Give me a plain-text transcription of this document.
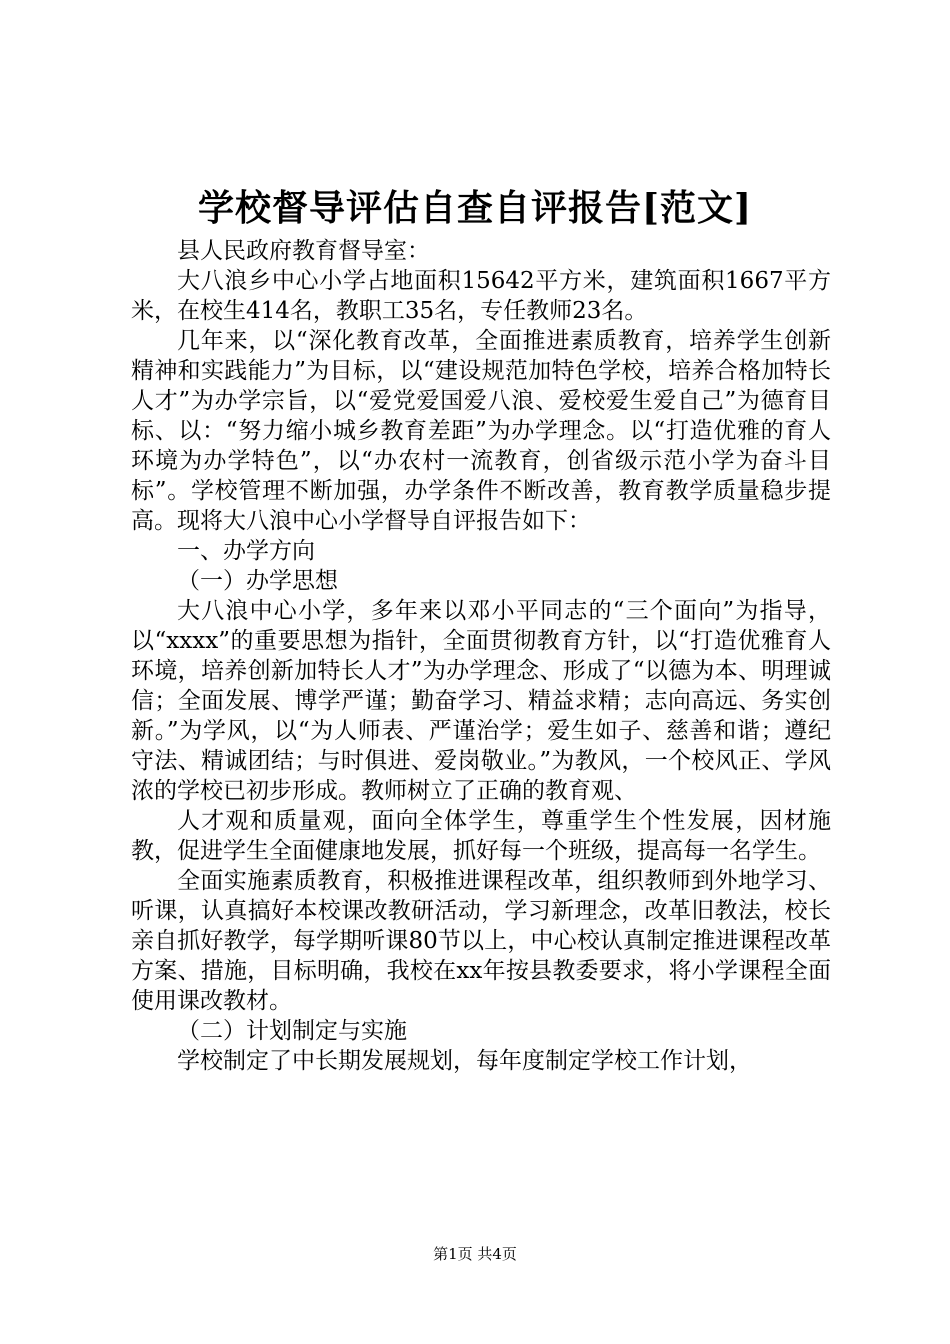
学校督导评估自查自评报告[范文]

县人民政府教育督导室：

大八浪乡中心小学占地面积15642平方米，建筑面积1667平方米，在校生414名，教职工35名，专任教师23名。

几年来，以“深化教育改革，全面推进素质教育，培养学生创新精神和实践能力”为目标，以“建设规范加特色学校，培养合格加特长人才”为办学宗旨，以“爱党爱国爱八浪、爱校爱生爱自己”为德育目标、以：“努力缩小城乡教育差距”为办学理念。以“打造优雅的育人环境为办学特色”，以“办农村一流教育，创省级示范小学为奋斗目标”。学校管理不断加强，办学条件不断改善，教育教学质量稳步提高。现将大八浪中心小学督导自评报告如下：

一、办学方向

（一）办学思想

大八浪中心小学，多年来以邓小平同志的“三个面向”为指导，以“xxxx”的重要思想为指针，全面贯彻教育方针，以“打造优雅育人环境，培养创新加特长人才”为办学理念、形成了“以德为本、明理诚信；全面发展、博学严谨；勤奋学习、精益求精；志向高远、务实创新。”为学风，以“为人师表、严谨治学；爱生如子、慈善和谐；遵纪守法、精诚团结；与时俱进、爱岗敬业。”为教风，一个校风正、学风浓的学校已初步形成。教师树立了正确的教育观、

人才观和质量观，面向全体学生，尊重学生个性发展，因材施教，促进学生全面健康地发展，抓好每一个班级，提高每一名学生。

全面实施素质教育，积极推进课程改革，组织教师到外地学习、听课，认真搞好本校课改教研活动，学习新理念，改革旧教法，校长亲自抓好教学，每学期听课80节以上，中心校认真制定推进课程改革方案、措施，目标明确，我校在xx年按县教委要求，将小学课程全面使用课改教材。

（二）计划制定与实施

学校制定了中长期发展规划，每年度制定学校工作计划，

第1页 共4页
